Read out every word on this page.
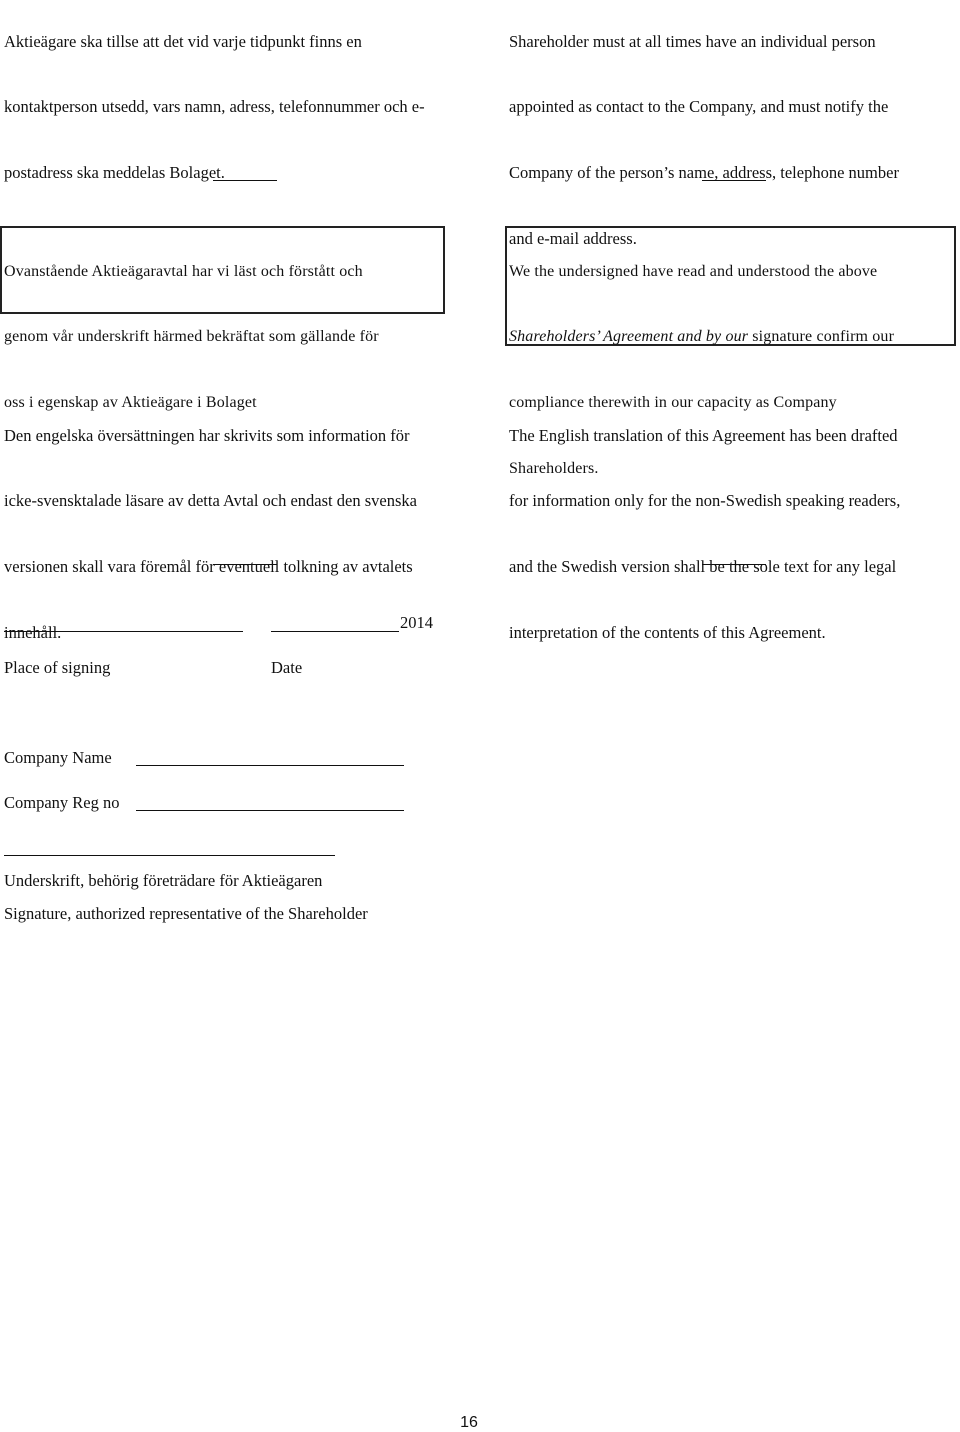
Aktieägare ska tillse att det vid varje tidpunkt finns en

kontaktperson utsedd, vars namn, adress, telefonnummer och e-

postadress ska meddelas Bolaget.

Shareholder must at all times have an individual person

appointed as contact to the Company, and must notify the

Company of the person’s name, address, telephone number

and e-mail address.

Ovanstående Aktieägaravtal har vi läst och förstått och

genom vår underskrift härmed bekräftat som gällande för

oss i egenskap av Aktieägare i Bolaget

We the undersigned have read and understood the above

Shareholders’ Agreement and by our signature confirm our

compliance therewith in our capacity as Company

Shareholders.

Den engelska översättningen har skrivits som information för

icke-svensktalade läsare av detta Avtal och endast den svenska

versionen skall vara föremål för eventuell tolkning av avtalets

innehåll.

The English translation of this Agreement has been drafted

for information only for the non-Swedish speaking readers,

and the Swedish version shall be the sole text for any legal

interpretation of the contents of this Agreement.

2014
Place of signing	Date
Company Name
Company Reg no
Underskrift, behörig företrädare för Aktieägaren
Signature, authorized representative of the Shareholder
16
